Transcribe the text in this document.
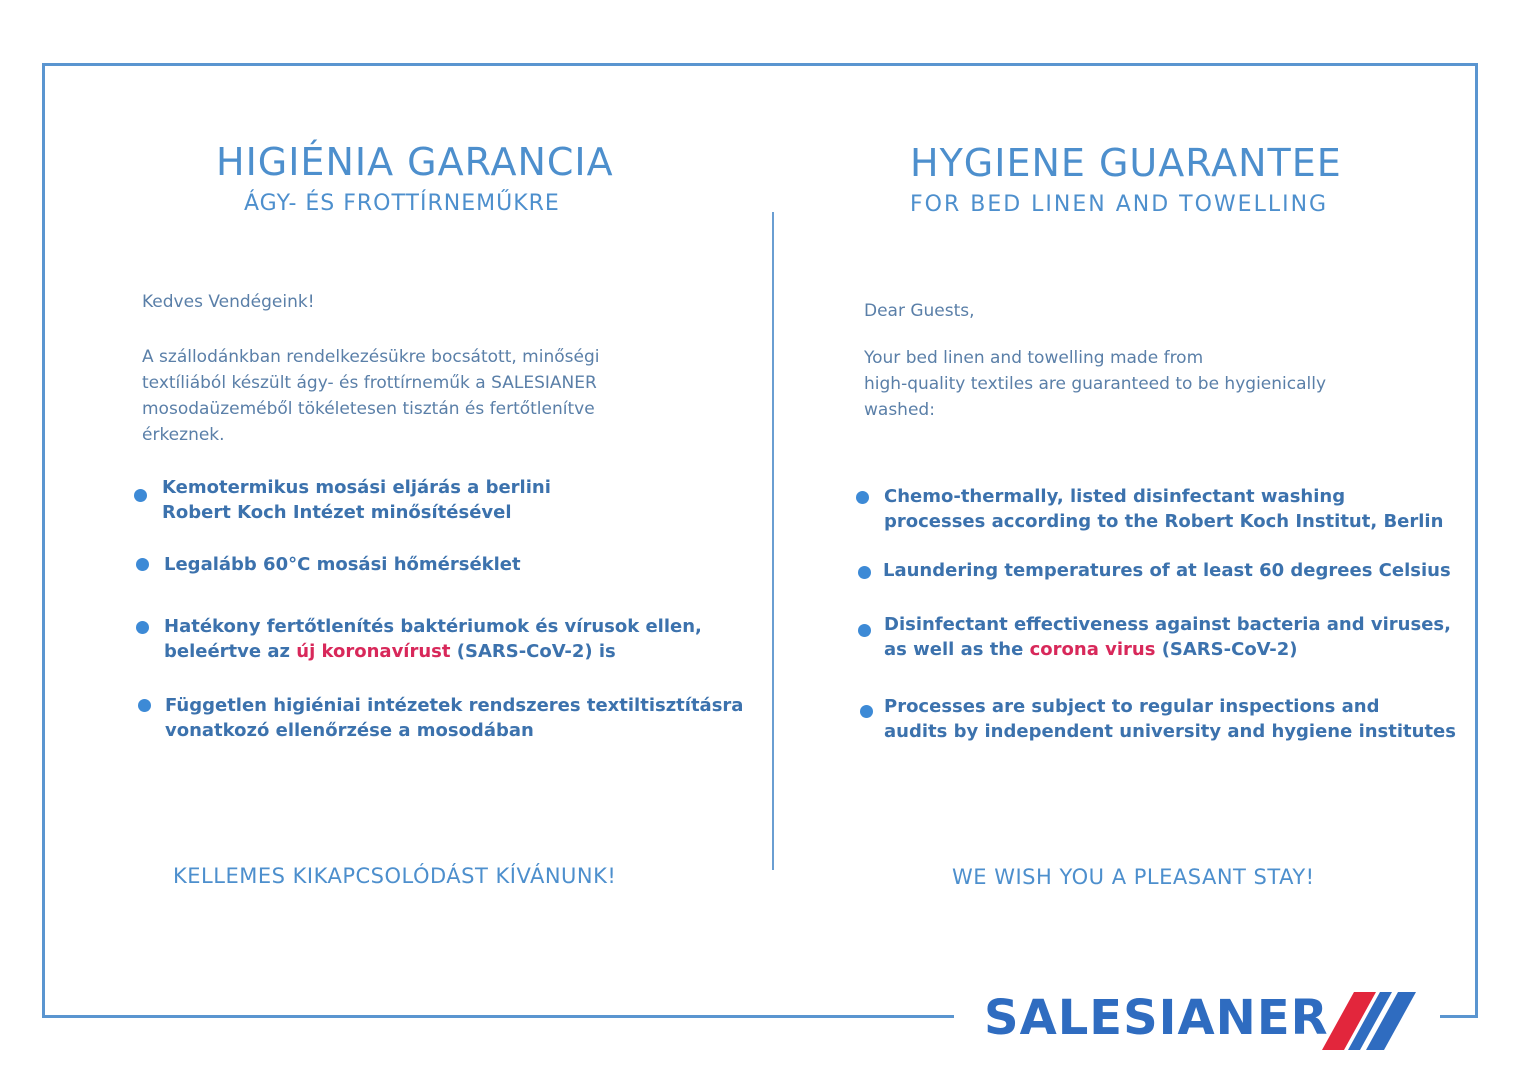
HIGIÉNIA GARANCIA
ÁGY- ÉS FROTTÍRNEMŰKRE
Kedves Vendégeink!
A szállodánkban rendelkezésükre bocsátott, minőségi
textíliából készült ágy- és frottírneműk a SALESIANER
mosodaüzeméből tökéletesen tisztán és fertőtlenítve
érkeznek.
Kemotermikus mosási eljárás a berlini
Robert Koch Intézet minősítésével
Legalább 60°C mosási hőmérséklet
Hatékony fertőtlenítés baktériumok és vírusok ellen,
beleértve az új koronavírust (SARS-CoV-2) is
Független higiéniai intézetek rendszeres textiltisztításra
vonatkozó ellenőrzése a mosodában
KELLEMES KIKAPCSOLÓDÁST KÍVÁNUNK!
HYGIENE GUARANTEE
FOR BED LINEN AND TOWELLING
Dear Guests,
Your bed linen and towelling made from
high-quality textiles are guaranteed to be hygienically
washed:
Chemo-thermally, listed disinfectant washing
processes according to the Robert Koch Institut, Berlin
Laundering temperatures of at least 60 degrees Celsius
Disinfectant effectiveness against bacteria and viruses,
as well as the corona virus (SARS-CoV-2)
Processes are subject to regular inspections and
audits by independent university and hygiene institutes
WE WISH YOU A PLEASANT STAY!
SALESIANER
